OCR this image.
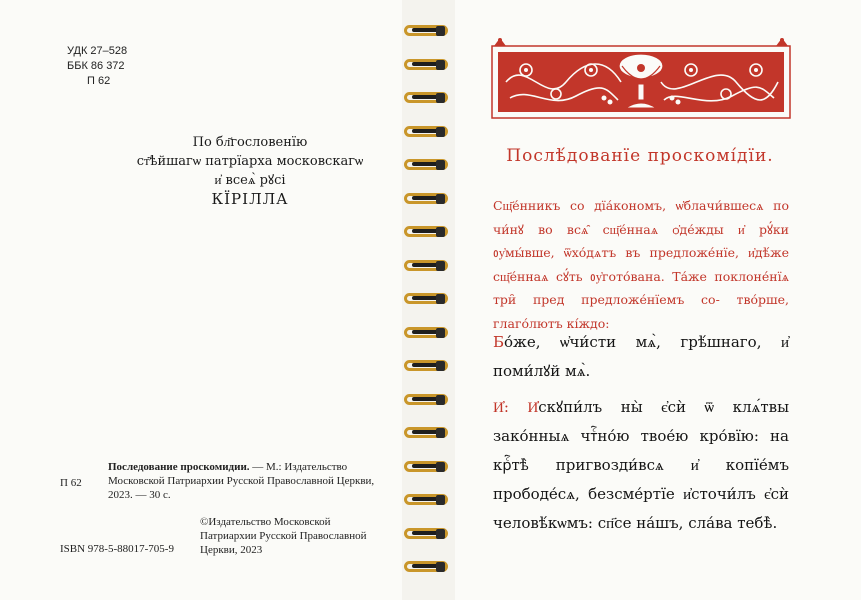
УДК 27–528
ББК 86 372
П 62
По бл҃гословенїю
ст҃ѣйшагѡ патрїарха московскагѡ
и҆ всеѧ̀ рꙋсі
КЇРІЛЛА
П 62
Последование проскомидии. — М.: Издательство Московской Патриархии Русской Православной Церкви, 2023. — 30 с.
©Издательство Московской Патриархии Русской Православной Церкви, 2023
ISBN 978-5-88017-705-9
Послѣ́дованїе проскомı́дїи.
Сщ҃е́нникъ со дїа́кономъ, ѡ҆блачи́вшесѧ по чи́нꙋ во всѧ̑ сщ҃е́ннаѧ ѻ҆де́жды и҆ рꙋ́ки ᲂу҆мы́вше, ѿхо́дѧтъ въ предложе́нїе, и҆дѣ́же сщ҃е́ннаѧ сꙋ́ть ᲂу҆гото́вана. Та́же поклоне́нїѧ три̑ пред предложе́нїемъ со- тво́рше, глаго́лютъ кі́ждо:
Бо́же, ѡ҆чи́сти мѧ̀, грѣ́шнаго, и҆ поми́лꙋй мѧ̀.
И҆: И҆скꙋпи́лъ ны̀ є҆сѝ ѿ клѧ́твы зако́нныѧ чтⷭ҇но́ю твое́ю кро́вїю: на крⷭ҇тѣ̀ пригвозди́всѧ и҆ копїе́мъ прободе́сѧ, безсме́ртїе и҆сточи́лъ є҆сѝ человѣ́кѡмъ: сп҃се на́шъ, сла́ва тебѣ̀.
